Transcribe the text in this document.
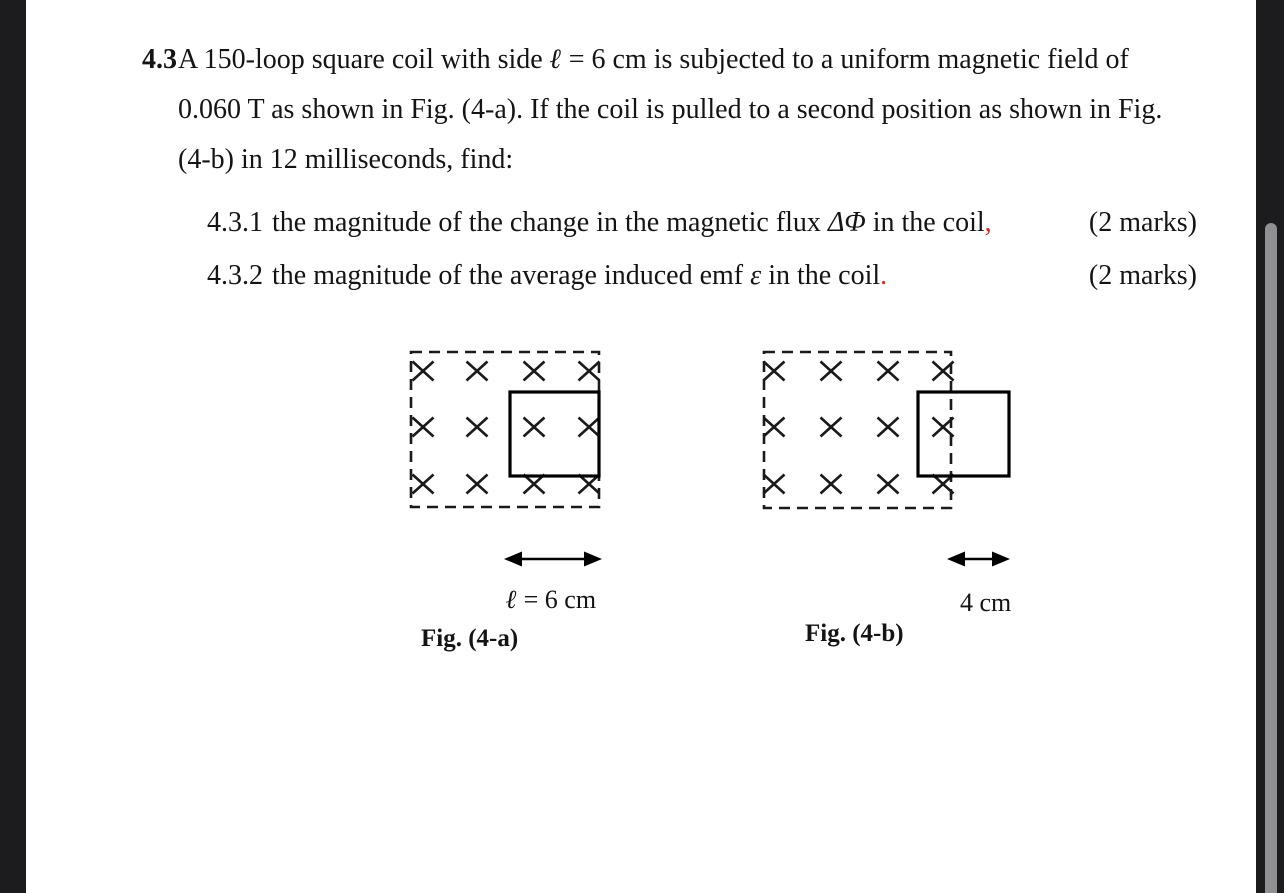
4.3A 150-loop square coil with side ℓ = 6 cm is subjected to a uniform magnetic field of
0.060 T as shown in Fig. (4-a). If the coil is pulled to a second position as shown in Fig.
(4-b) in 12 milliseconds, find:
4.3.1 the magnitude of the change in the magnetic flux ΔΦ in the coil,	(2 marks)
4.3.2 the magnitude of the average induced emf ε in the coil.	(2 marks)
ℓ = 6 cm
Fig. (4-a)
4 cm
Fig. (4-b)
